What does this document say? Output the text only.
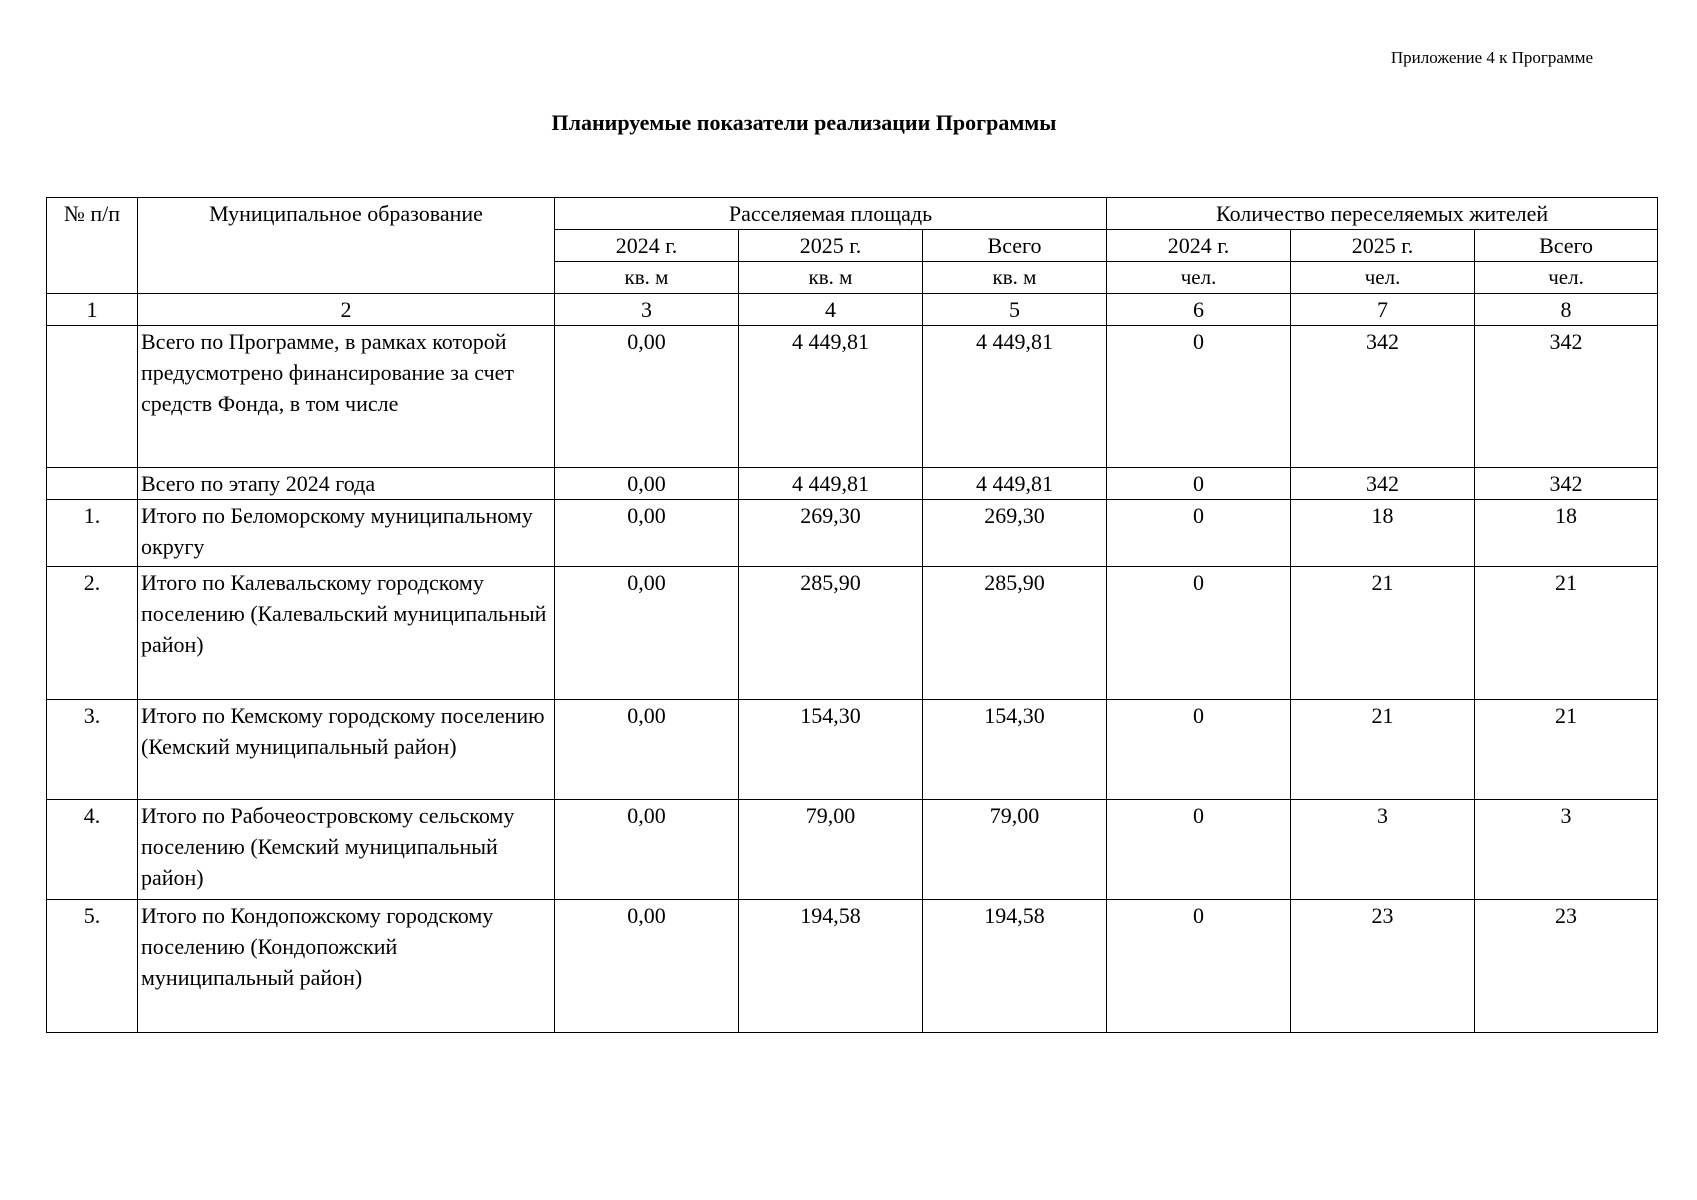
Приложение 4 к Программе
Планируемые показатели реализации Программы
№ п/п	Муниципальное образование	Расселяемая площадь			Количество переселяемых жителей		
		2024 г.	2025 г.	Всего	2024 г.	2025 г.	Всего
		кв. м	кв. м	кв. м	чел.	чел.	чел.
1	2	3	4	5	6	7	8
	Всего по Программе, в рамках которой предусмотрено финансирование за счет средств Фонда, в том числе	0,00	4 449,81	4 449,81	0	342	342
	Всего по этапу 2024 года	0,00	4 449,81	4 449,81	0	342	342
1.	Итого по Беломорскому муниципальному округу	0,00	269,30	269,30	0	18	18
2.	Итого по Калевальскому городскому поселению (Калевальский муниципальный район)	0,00	285,90	285,90	0	21	21
3.	Итого по Кемскому городскому поселению (Кемский муниципальный район)	0,00	154,30	154,30	0	21	21
4.	Итого по Рабочеостровскому сельскому поселению (Кемский муниципальный район)	0,00	79,00	79,00	0	3	3
5.	Итого по Кондопожскому городскому поселению (Кондопожский муниципальный район)	0,00	194,58	194,58	0	23	23
